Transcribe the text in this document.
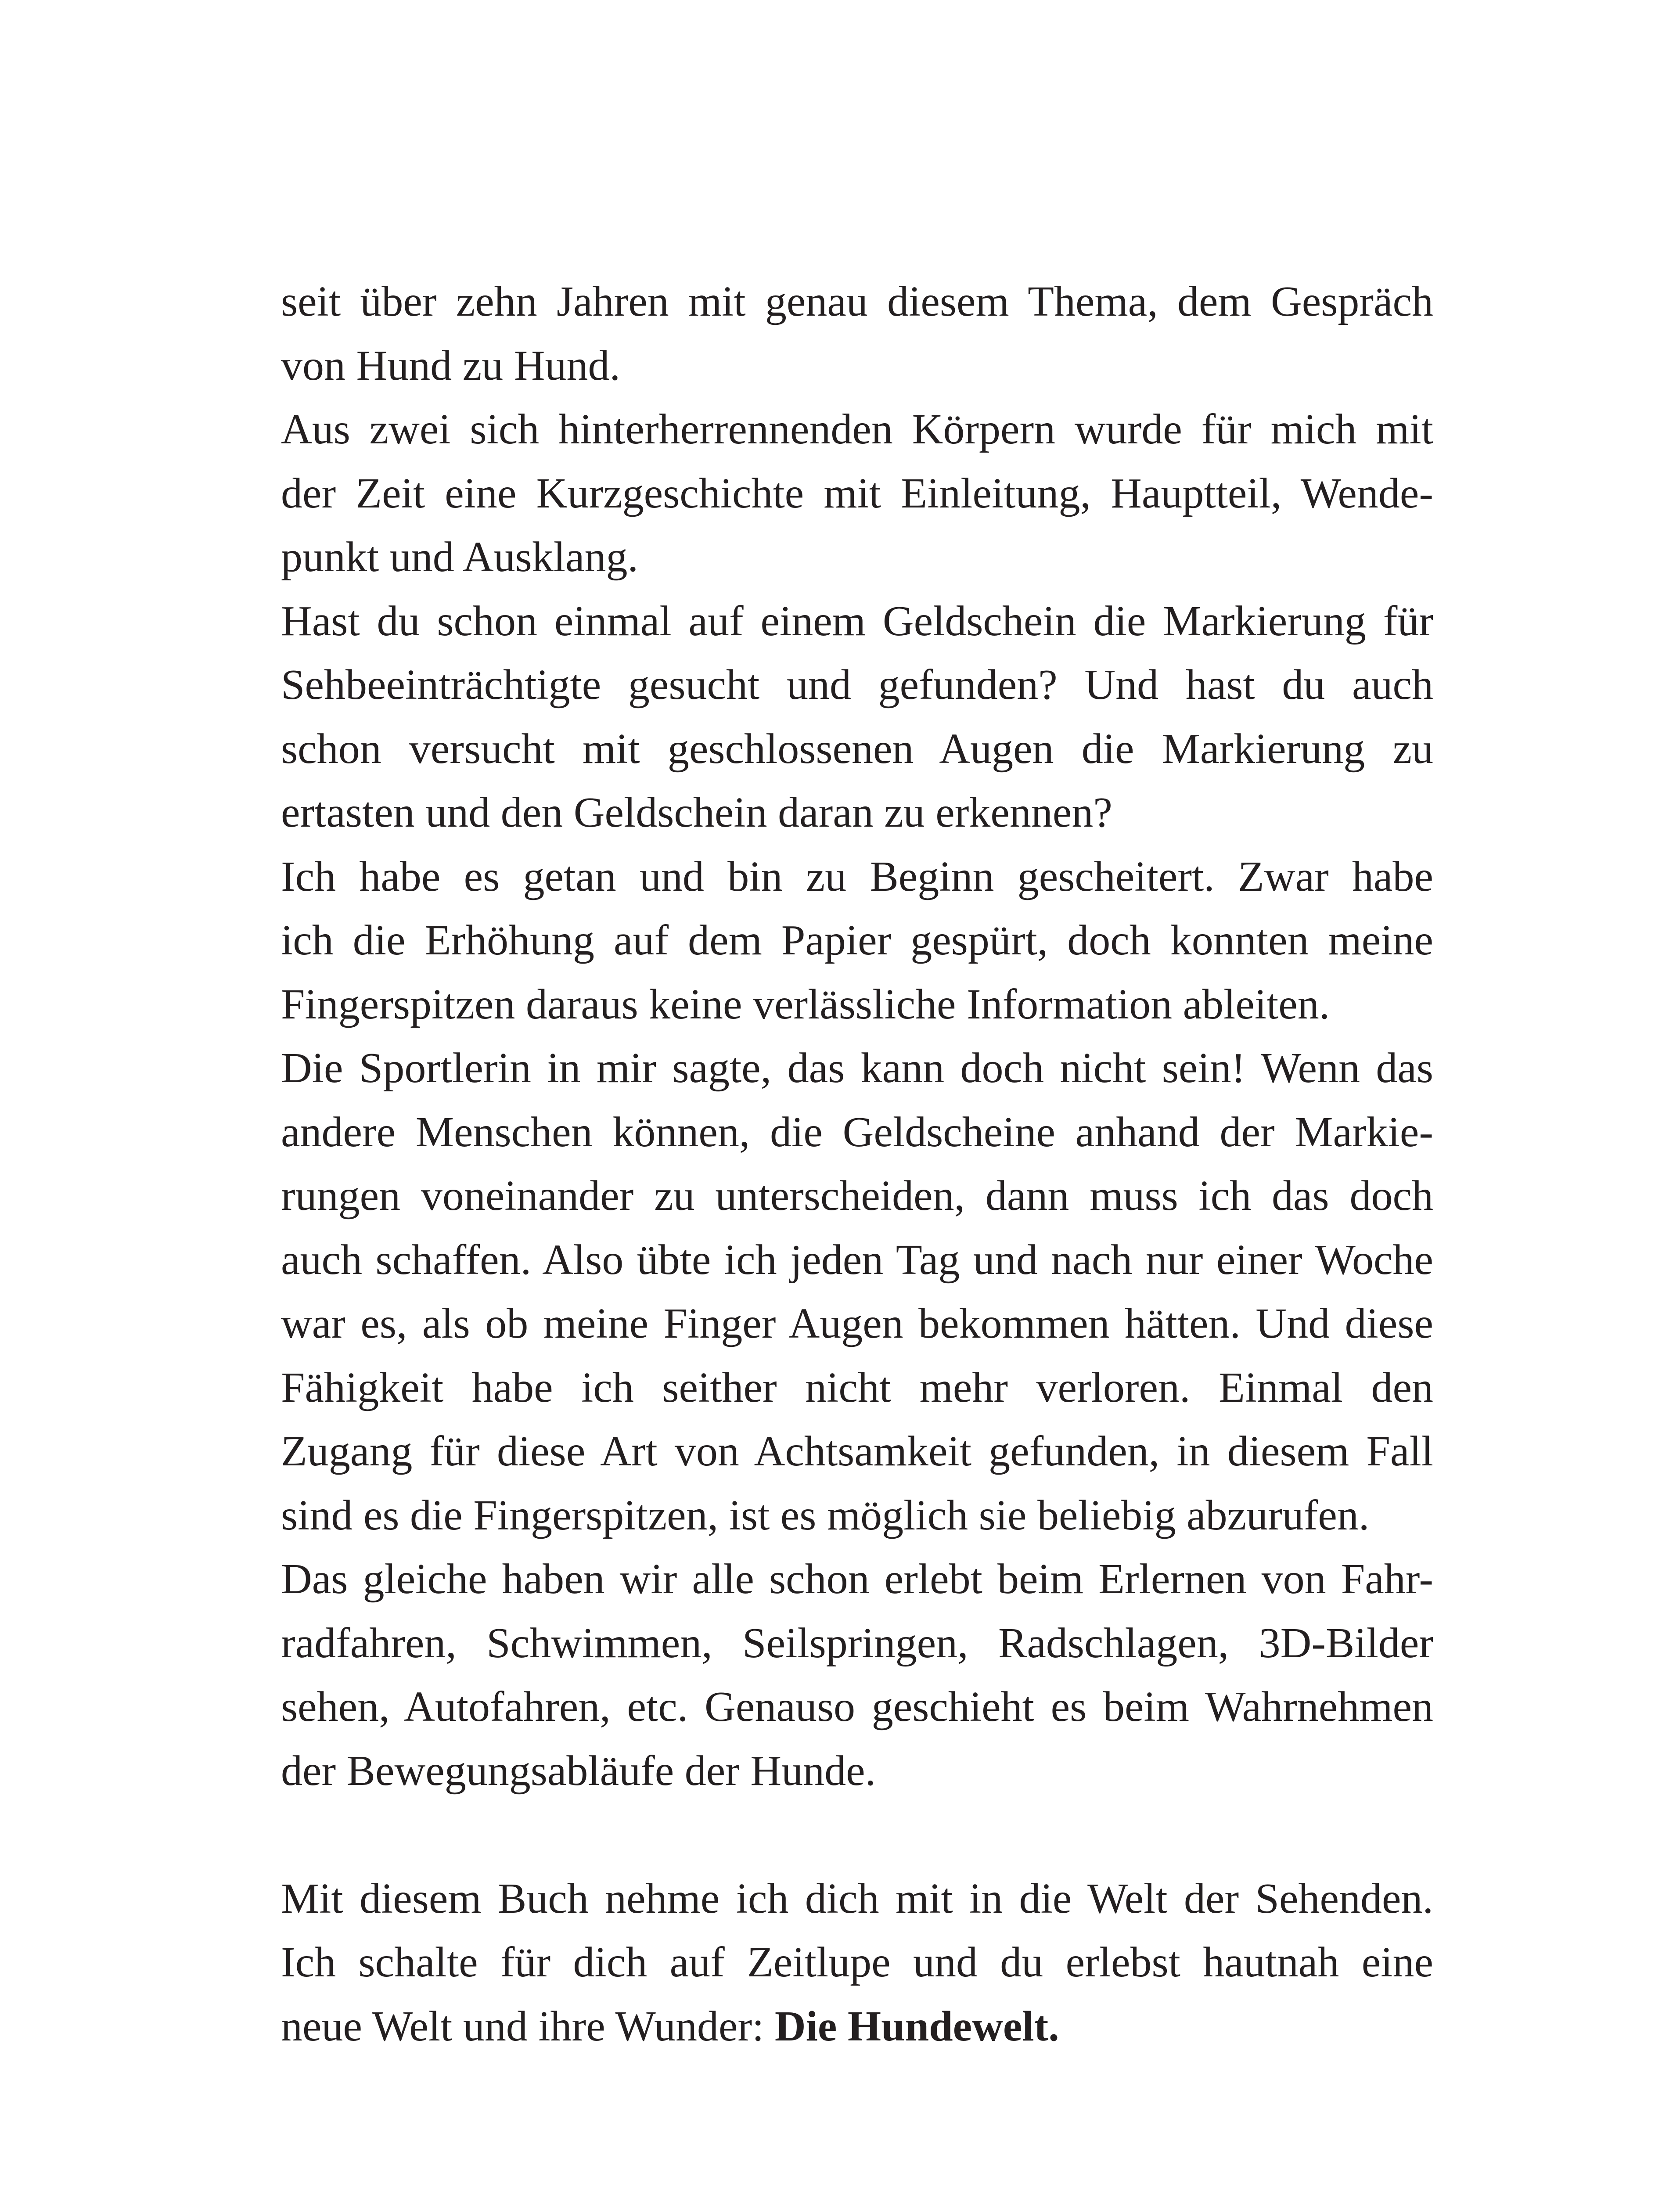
seit über zehn Jahren mit genau diesem Thema, dem Gespräch
von Hund zu Hund.
Aus zwei sich hinterherrennenden Körpern wurde für mich mit
der Zeit eine Kurzgeschichte mit Einleitung, Hauptteil, Wende-
punkt und Ausklang.
Hast du schon einmal auf einem Geldschein die Markierung für
Sehbeeinträchtigte gesucht und gefunden? Und hast du auch
schon versucht mit geschlossenen Augen die Markierung zu
ertasten und den Geldschein daran zu erkennen?
Ich habe es getan und bin zu Beginn gescheitert. Zwar habe
ich die Erhöhung auf dem Papier gespürt, doch konnten meine
Fingerspitzen daraus keine verlässliche Information ableiten.
Die Sportlerin in mir sagte, das kann doch nicht sein! Wenn das
andere Menschen können, die Geldscheine anhand der Markie-
rungen voneinander zu unterscheiden, dann muss ich das doch
auch schaffen. Also übte ich jeden Tag und nach nur einer Woche
war es, als ob meine Finger Augen bekommen hätten. Und diese
Fähigkeit habe ich seither nicht mehr verloren. Einmal den
Zugang für diese Art von Achtsamkeit gefunden, in diesem Fall
sind es die Fingerspitzen, ist es möglich sie beliebig abzurufen.
Das gleiche haben wir alle schon erlebt beim Erlernen von Fahr-
radfahren, Schwimmen, Seilspringen, Radschlagen, 3D-Bilder
sehen, Autofahren, etc. Genauso geschieht es beim Wahrnehmen
der Bewegungsabläufe der Hunde.
Mit diesem Buch nehme ich dich mit in die Welt der Sehenden.
Ich schalte für dich auf Zeitlupe und du erlebst hautnah eine
neue Welt und ihre Wunder: Die Hundewelt.
